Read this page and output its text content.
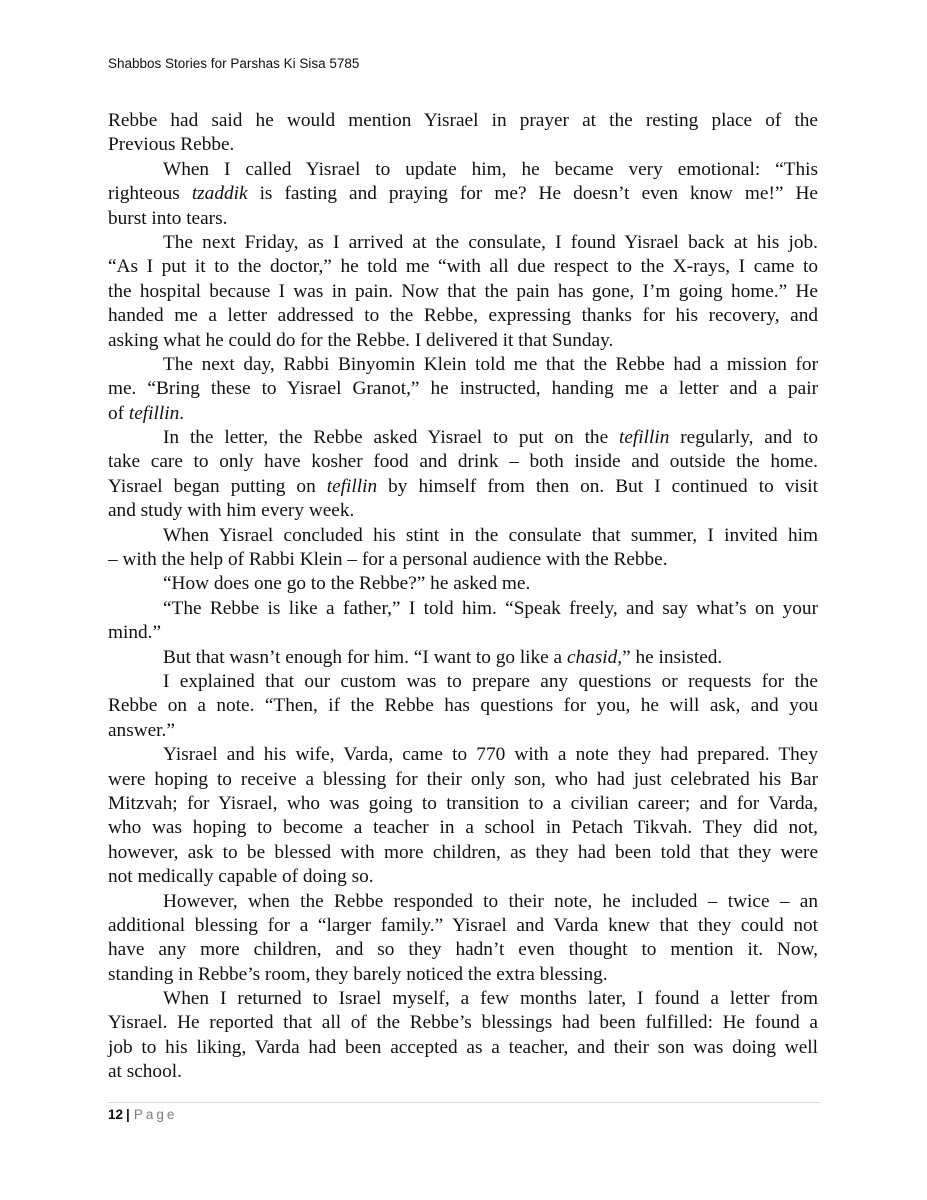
Shabbos Stories for Parshas Ki Sisa 5785
Rebbe had said he would mention Yisrael in prayer at the resting place of the
Previous Rebbe.
When I called Yisrael to update him, he became very emotional: “This
righteous tzaddik is fasting and praying for me? He doesn’t even know me!” He
burst into tears.
The next Friday, as I arrived at the consulate, I found Yisrael back at his job.
“As I put it to the doctor,” he told me “with all due respect to the X-rays, I came to
the hospital because I was in pain. Now that the pain has gone, I’m going home.” He
handed me a letter addressed to the Rebbe, expressing thanks for his recovery, and
asking what he could do for the Rebbe. I delivered it that Sunday.
The next day, Rabbi Binyomin Klein told me that the Rebbe had a mission for
me. “Bring these to Yisrael Granot,” he instructed, handing me a letter and a pair
of tefillin.
In the letter, the Rebbe asked Yisrael to put on the tefillin regularly, and to
take care to only have kosher food and drink – both inside and outside the home.
Yisrael began putting on tefillin by himself from then on. But I continued to visit
and study with him every week.
When Yisrael concluded his stint in the consulate that summer, I invited him
– with the help of Rabbi Klein – for a personal audience with the Rebbe.
“How does one go to the Rebbe?” he asked me.
“The Rebbe is like a father,” I told him. “Speak freely, and say what’s on your
mind.”
But that wasn’t enough for him. “I want to go like a chasid,” he insisted.
I explained that our custom was to prepare any questions or requests for the
Rebbe on a note. “Then, if the Rebbe has questions for you, he will ask, and you
answer.”
Yisrael and his wife, Varda, came to 770 with a note they had prepared. They
were hoping to receive a blessing for their only son, who had just celebrated his Bar
Mitzvah; for Yisrael, who was going to transition to a civilian career; and for Varda,
who was hoping to become a teacher in a school in Petach Tikvah. They did not,
however, ask to be blessed with more children, as they had been told that they were
not medically capable of doing so.
However, when the Rebbe responded to their note, he included – twice – an
additional blessing for a “larger family.” Yisrael and Varda knew that they could not
have any more children, and so they hadn’t even thought to mention it. Now,
standing in Rebbe’s room, they barely noticed the extra blessing.
When I returned to Israel myself, a few months later, I found a letter from
Yisrael. He reported that all of the Rebbe’s blessings had been fulfilled: He found a
job to his liking, Varda had been accepted as a teacher, and their son was doing well
at school.
12 | Page
